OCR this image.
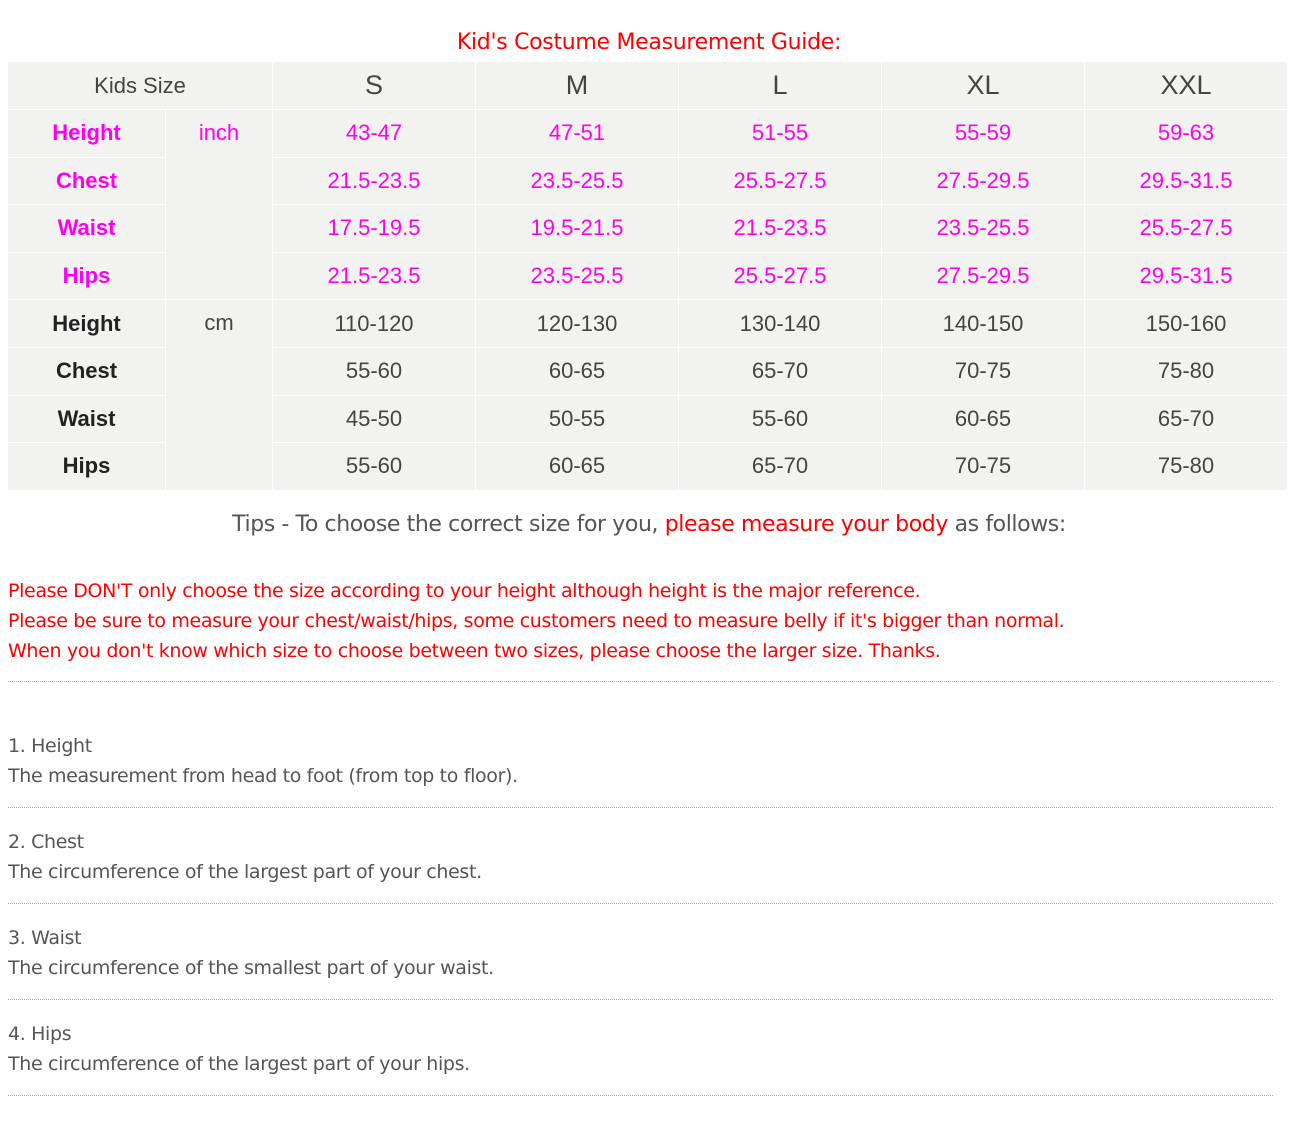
Kid's Costume Measurement Guide:
Kids Size		S	M	L	XL	XXL
Height	inch	43-47	47-51	51-55	55-59	59-63
Chest		21.5-23.5	23.5-25.5	25.5-27.5	27.5-29.5	29.5-31.5
Waist		17.5-19.5	19.5-21.5	21.5-23.5	23.5-25.5	25.5-27.5
Hips		21.5-23.5	23.5-25.5	25.5-27.5	27.5-29.5	29.5-31.5
Height	cm	110-120	120-130	130-140	140-150	150-160
Chest		55-60	60-65	65-70	70-75	75-80
Waist		45-50	50-55	55-60	60-65	65-70
Hips		55-60	60-65	65-70	70-75	75-80
Tips - To choose the correct size for you, please measure your body as follows:
Please DON'T only choose the size according to your height although height is the major reference.
Please be sure to measure your chest/waist/hips, some customers need to measure belly if it's bigger than normal.
When you don't know which size to choose between two sizes, please choose the larger size. Thanks.
1. Height
The measurement from head to foot (from top to floor).
2. Chest
The circumference of the largest part of your chest.
3. Waist
The circumference of the smallest part of your waist.
4. Hips
The circumference of the largest part of your hips.
